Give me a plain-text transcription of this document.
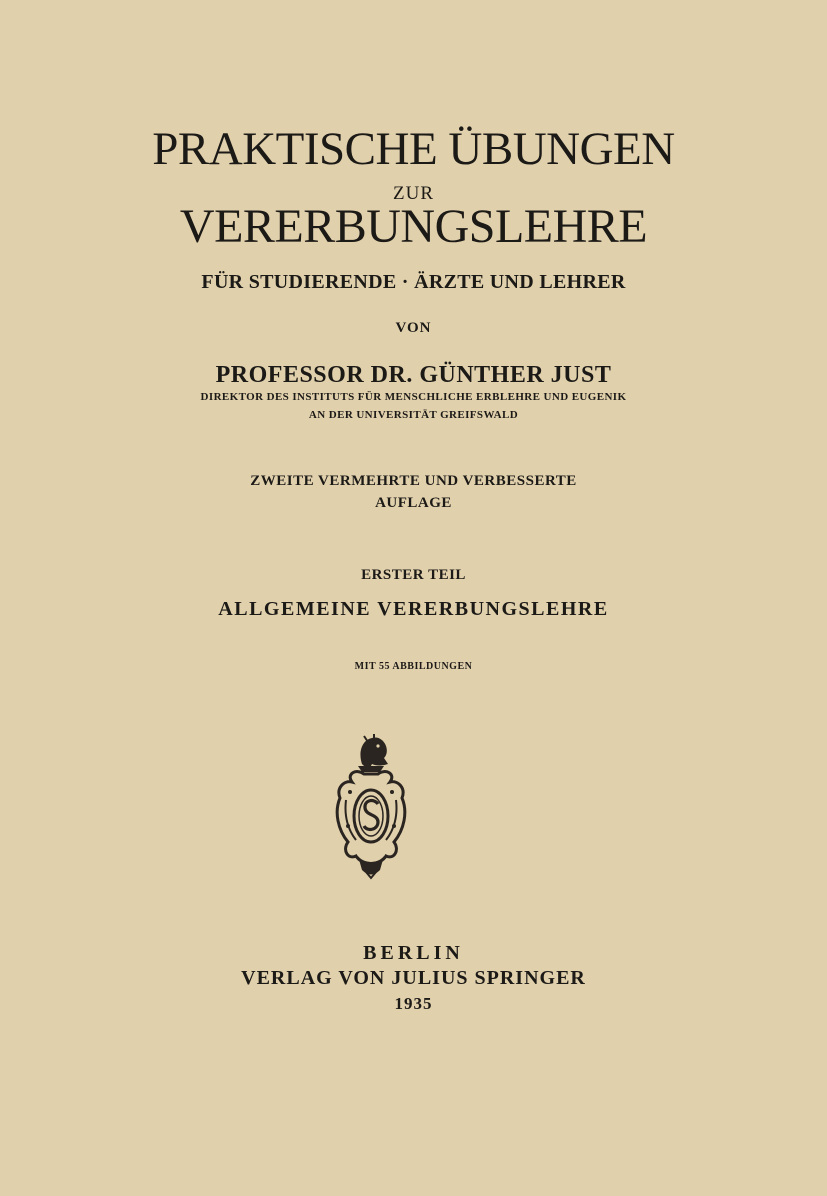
PRAKTISCHE ÜBUNGEN
ZUR
VERERBUNGSLEHRE
FÜR STUDIERENDE · ÄRZTE UND LEHRER
VON
PROFESSOR DR. GÜNTHER JUST
DIREKTOR DES INSTITUTS FÜR MENSCHLICHE ERBLEHRE UND EUGENIK
AN DER UNIVERSITÄT GREIFSWALD
ZWEITE VERMEHRTE UND VERBESSERTE
AUFLAGE
ERSTER TEIL
ALLGEMEINE VERERBUNGSLEHRE
MIT 55 ABBILDUNGEN
BERLIN
VERLAG VON JULIUS SPRINGER
1935
